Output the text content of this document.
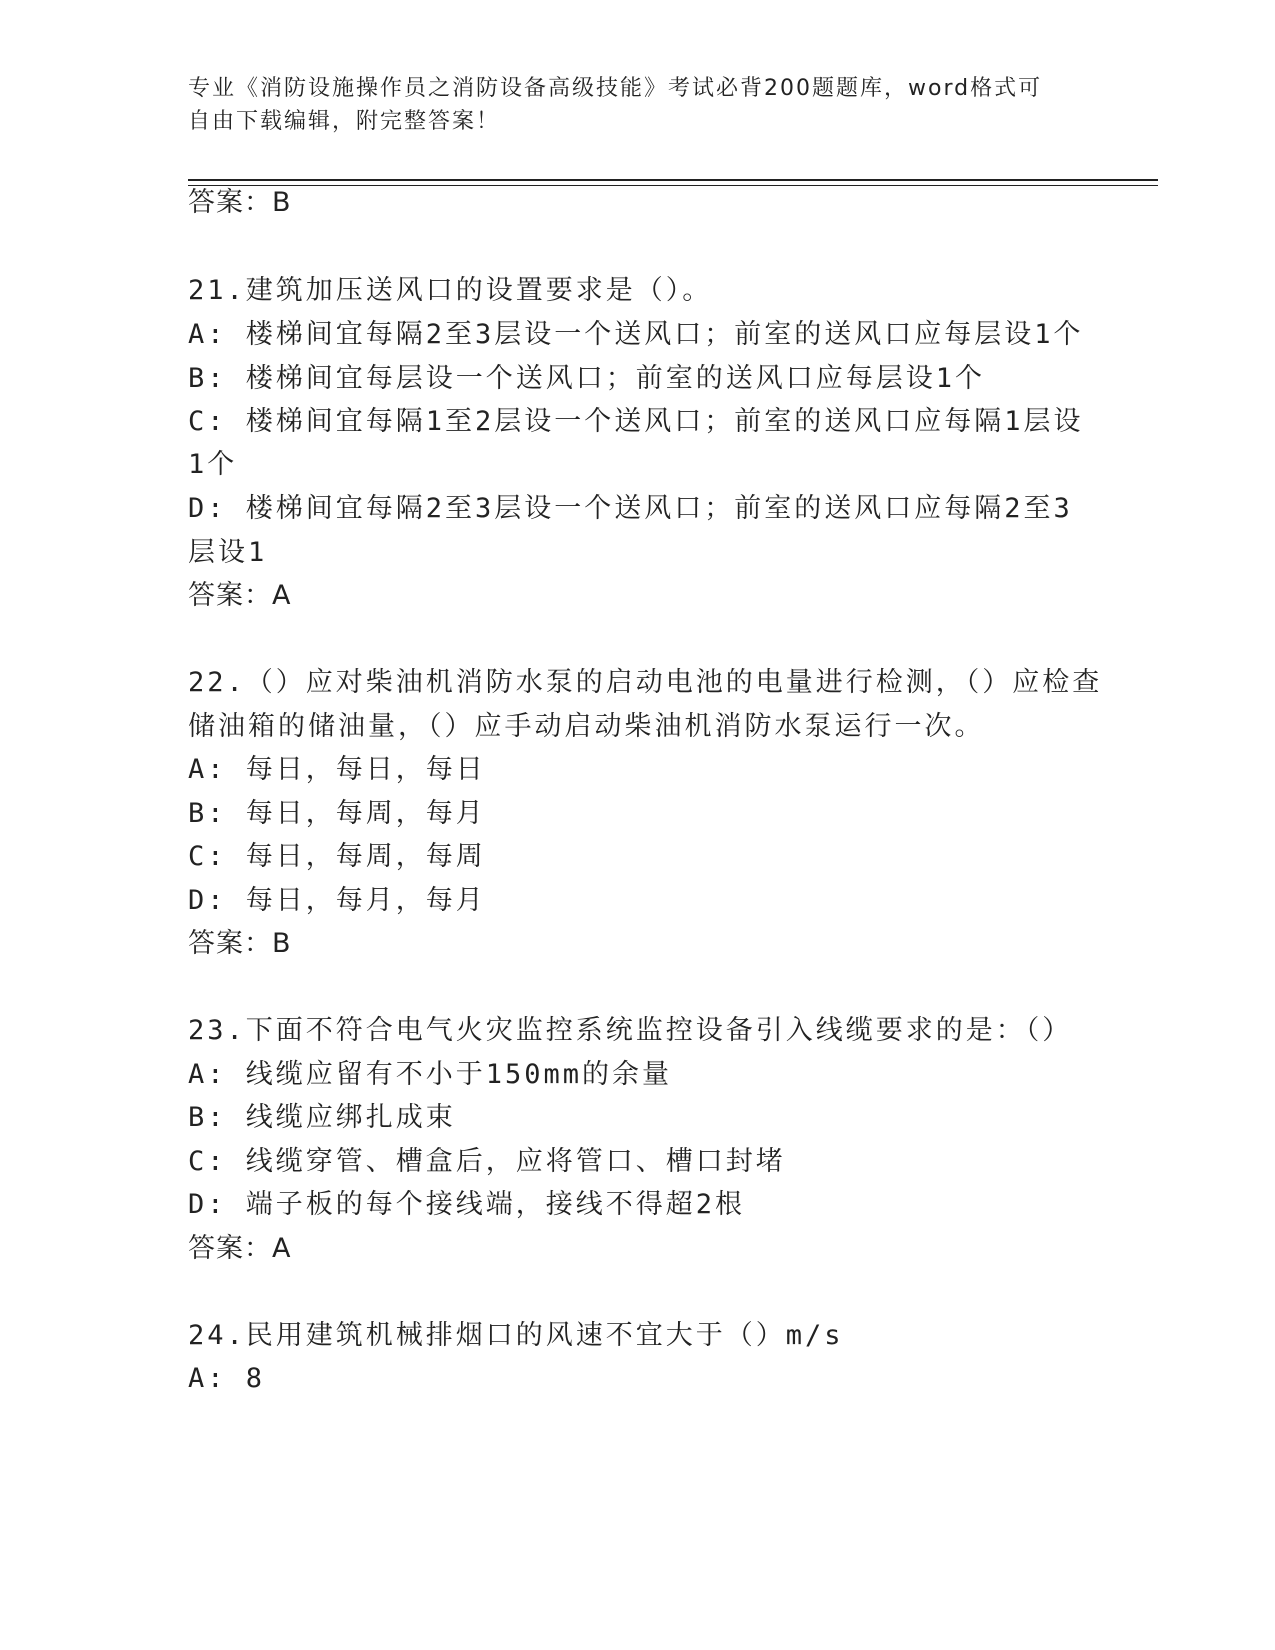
专业《消防设施操作员之消防设备高级技能》考试必背200题题库，word格式可
自由下载编辑，附完整答案！
答案：B
21.建筑加压送风口的设置要求是（）。
A: 楼梯间宜每隔2至3层设一个送风口；前室的送风口应每层设1个
B: 楼梯间宜每层设一个送风口；前室的送风口应每层设1个
C: 楼梯间宜每隔1至2层设一个送风口；前室的送风口应每隔1层设
1个
D: 楼梯间宜每隔2至3层设一个送风口；前室的送风口应每隔2至3
层设1
答案：A
22.（）应对柴油机消防水泵的启动电池的电量进行检测，（）应检查
储油箱的储油量，（）应手动启动柴油机消防水泵运行一次。
A: 每日，每日，每日
B: 每日，每周，每月
C: 每日，每周，每周
D: 每日，每月，每月
答案：B
23.下面不符合电气火灾监控系统监控设备引入线缆要求的是：（）
A: 线缆应留有不小于150mm的余量
B: 线缆应绑扎成束
C: 线缆穿管、槽盒后，应将管口、槽口封堵
D: 端子板的每个接线端，接线不得超2根
答案：A
24.民用建筑机械排烟口的风速不宜大于（）m/s
A: 8
